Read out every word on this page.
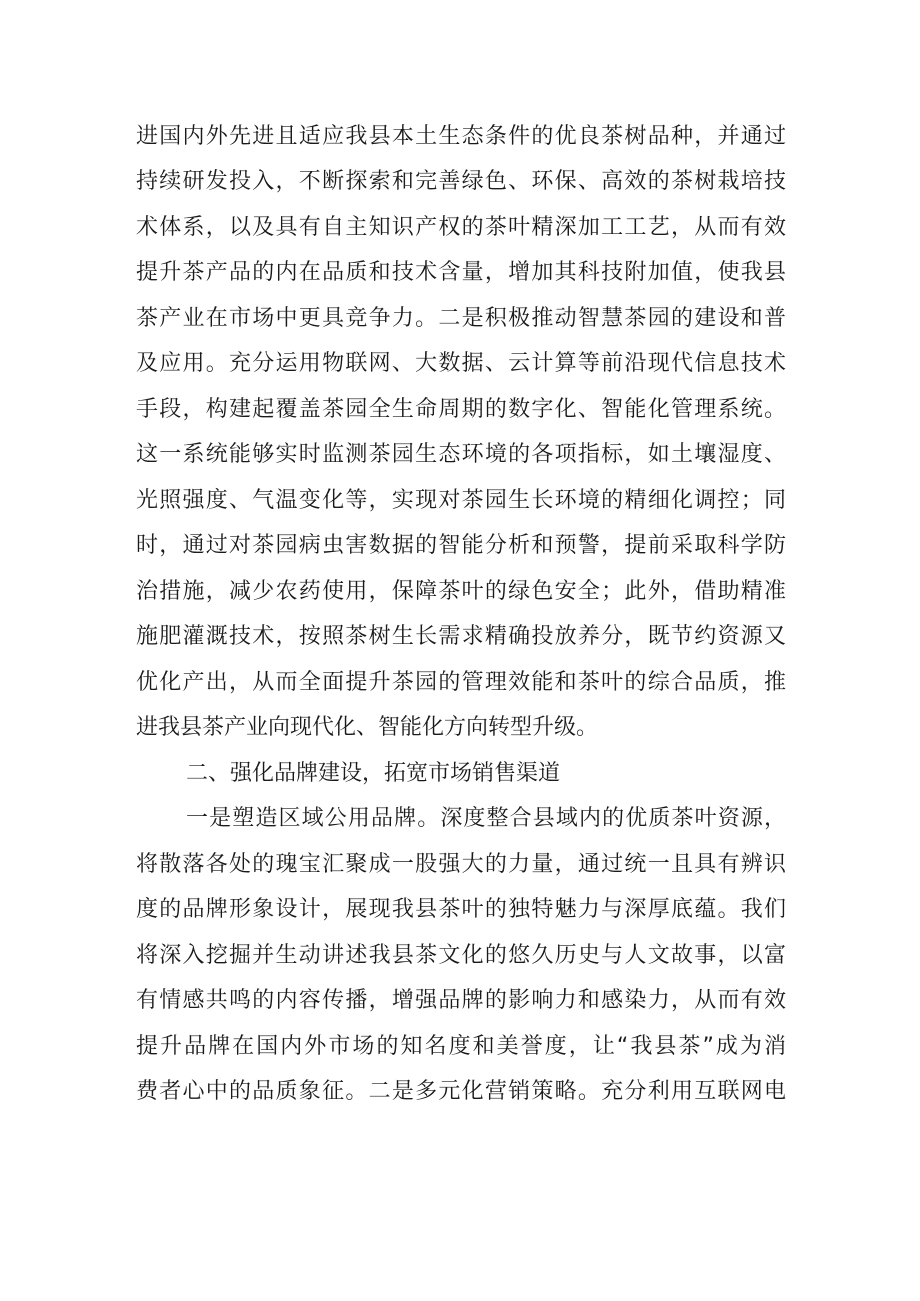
进国内外先进且适应我县本土生态条件的优良茶树品种，并通过
持续研发投入，不断探索和完善绿色、环保、高效的茶树栽培技
术体系，以及具有自主知识产权的茶叶精深加工工艺，从而有效
提升茶产品的内在品质和技术含量，增加其科技附加值，使我县
茶产业在市场中更具竞争力。二是积极推动智慧茶园的建设和普
及应用。充分运用物联网、大数据、云计算等前沿现代信息技术
手段，构建起覆盖茶园全生命周期的数字化、智能化管理系统。
这一系统能够实时监测茶园生态环境的各项指标，如土壤湿度、
光照强度、气温变化等，实现对茶园生长环境的精细化调控；同
时，通过对茶园病虫害数据的智能分析和预警，提前采取科学防
治措施，减少农药使用，保障茶叶的绿色安全；此外，借助精准
施肥灌溉技术，按照茶树生长需求精确投放养分，既节约资源又
优化产出，从而全面提升茶园的管理效能和茶叶的综合品质，推
进我县茶产业向现代化、智能化方向转型升级。
二、强化品牌建设，拓宽市场销售渠道
一是塑造区域公用品牌。深度整合县域内的优质茶叶资源，
将散落各处的瑰宝汇聚成一股强大的力量，通过统一且具有辨识
度的品牌形象设计，展现我县茶叶的独特魅力与深厚底蕴。我们
将深入挖掘并生动讲述我县茶文化的悠久历史与人文故事，以富
有情感共鸣的内容传播，增强品牌的影响力和感染力，从而有效
提升品牌在国内外市场的知名度和美誉度，让“我县茶”成为消
费者心中的品质象征。二是多元化营销策略。充分利用互联网电
